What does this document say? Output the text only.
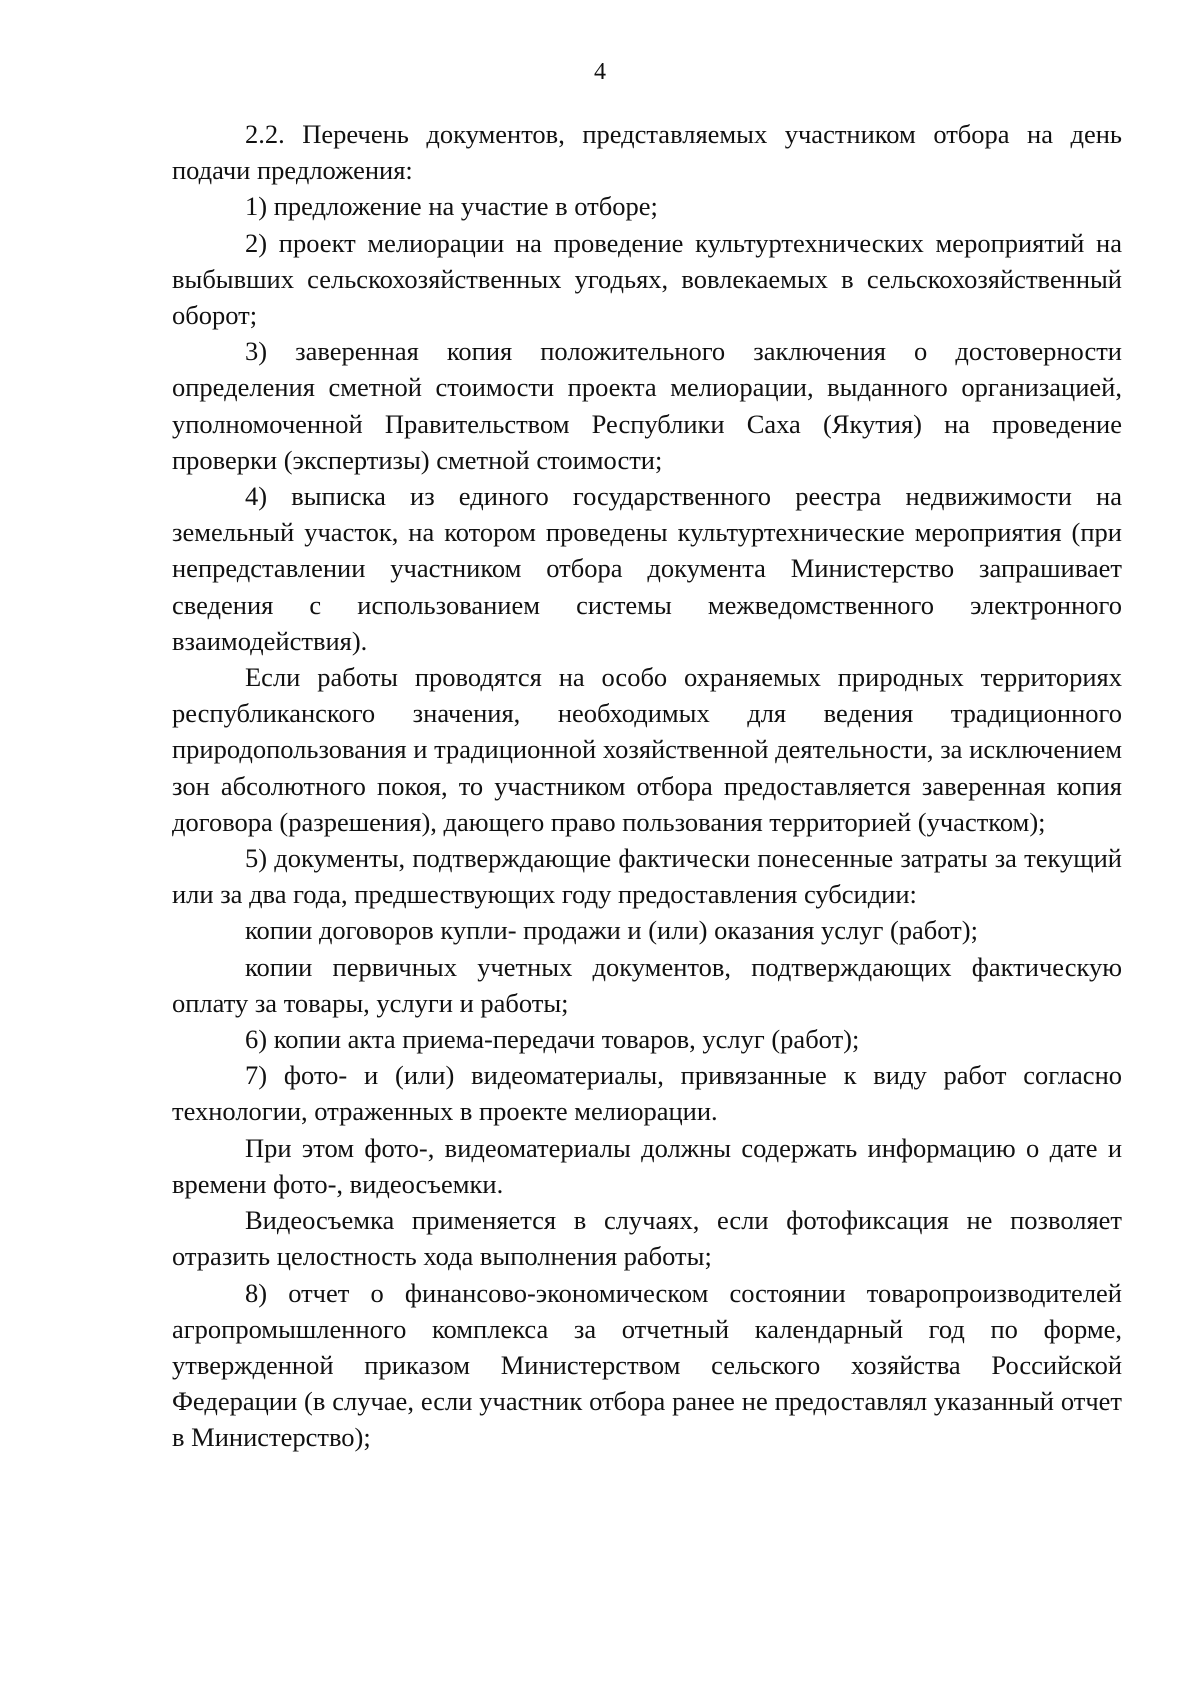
4

2.2. Перечень документов, представляемых участником отбора на день подачи предложения:

1) предложение на участие в отборе;

2) проект мелиорации на проведение культуртехнических мероприятий на выбывших сельскохозяйственных угодьях, вовлекаемых в сельскохозяйственный оборот;

3) заверенная копия положительного заключения о достоверности определения сметной стоимости проекта мелиорации, выданного организацией, уполномоченной Правительством Республики Саха (Якутия) на проведение проверки (экспертизы) сметной стоимости;

4) выписка из единого государственного реестра недвижимости на земельный участок, на котором проведены культуртехнические мероприятия (при непредставлении участником отбора документа Министерство запрашивает сведения с использованием системы межведомственного электронного взаимодействия).

Если работы проводятся на особо охраняемых природных территориях республиканского значения, необходимых для ведения традиционного природопользования и традиционной хозяйственной деятельности, за исключением зон абсолютного покоя, то участником отбора предоставляется заверенная копия договора (разрешения), дающего право пользования территорией (участком);

5) документы, подтверждающие фактически понесенные затраты за текущий или за два года, предшествующих году предоставления субсидии:

копии договоров купли- продажи и (или) оказания услуг (работ);

копии первичных учетных документов, подтверждающих фактическую оплату за товары, услуги и работы;

6) копии акта приема-передачи товаров, услуг (работ);

7) фото- и (или) видеоматериалы, привязанные к виду работ согласно технологии, отраженных в проекте мелиорации.

При этом фото-, видеоматериалы должны содержать информацию о дате и времени фото-, видеосъемки.

Видеосъемка применяется в случаях, если фотофиксация не позволяет отразить целостность хода выполнения работы;

8) отчет о финансово-экономическом состоянии товаропроизводителей агропромышленного комплекса за отчетный календарный год по форме, утвержденной приказом Министерством сельского хозяйства Российской Федерации (в случае, если участник отбора ранее не предоставлял указанный отчет в Министерство);
